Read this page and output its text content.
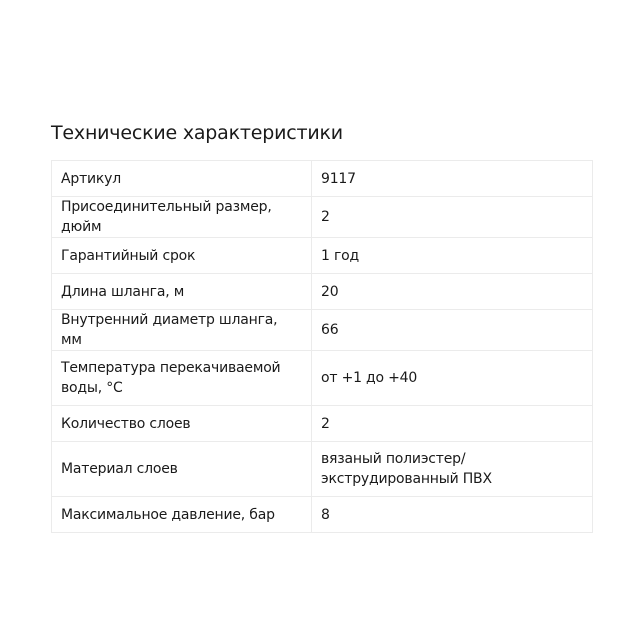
Технические характеристики
Артикул	9117
Присоединительный размер, дюйм	2
Гарантийный срок	1 год
Длина шланга, м	20
Внутренний диаметр шланга, мм	66
Температура перекачиваемой воды, °C	от +1 до +40
Количество слоев	2
Материал слоев	вязаный полиэстер/ экструдированный ПВХ
Максимальное давление, бар	8
